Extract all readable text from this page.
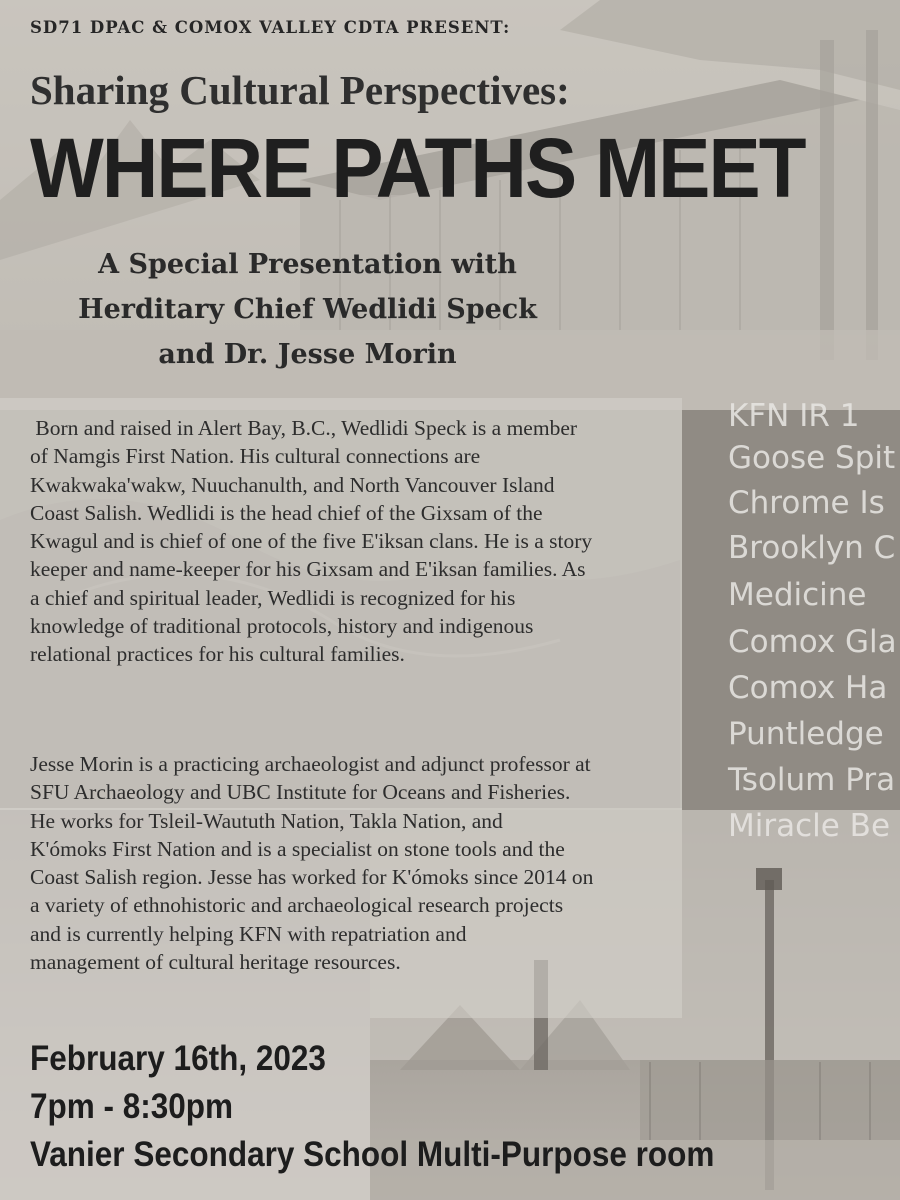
KFN IR 1
Goose Spit
Chrome Is
Brooklyn C
Medicine
Comox Gla
Comox Ha
Puntledge
Tsolum Pra
Miracle Be

SD71 DPAC & COMOX VALLEY CDTA PRESENT:

Sharing Cultural Perspectives:
WHERE PATHS MEET
A Special Presentation with
Herditary Chief Wedlidi Speck
and Dr. Jesse Morin
Born and raised in Alert Bay, B.C., Wedlidi Speck is a member
of Namgis First Nation. His cultural connections are
Kwakwaka'wakw, Nuuchanulth, and North Vancouver Island
Coast Salish. Wedlidi is the head chief of the Gixsam of the
Kwagul and is chief of one of the five E'iksan clans. He is a story
keeper and name-keeper for his Gixsam and E'iksan families. As
a chief and spiritual leader, Wedlidi is recognized for his
knowledge of traditional protocols, history and indigenous
relational practices for his cultural families.
Jesse Morin is a practicing archaeologist and adjunct professor at
SFU Archaeology and UBC Institute for Oceans and Fisheries.
He works for Tsleil-Waututh Nation, Takla Nation, and
K'ómoks First Nation and is a specialist on stone tools and the
Coast Salish region. Jesse has worked for K'ómoks since 2014 on
a variety of ethnohistoric and archaeological research projects
and is currently helping KFN with repatriation and
management of cultural heritage resources.
February 16th, 2023
7pm - 8:30pm
Vanier Secondary School Multi-Purpose room
